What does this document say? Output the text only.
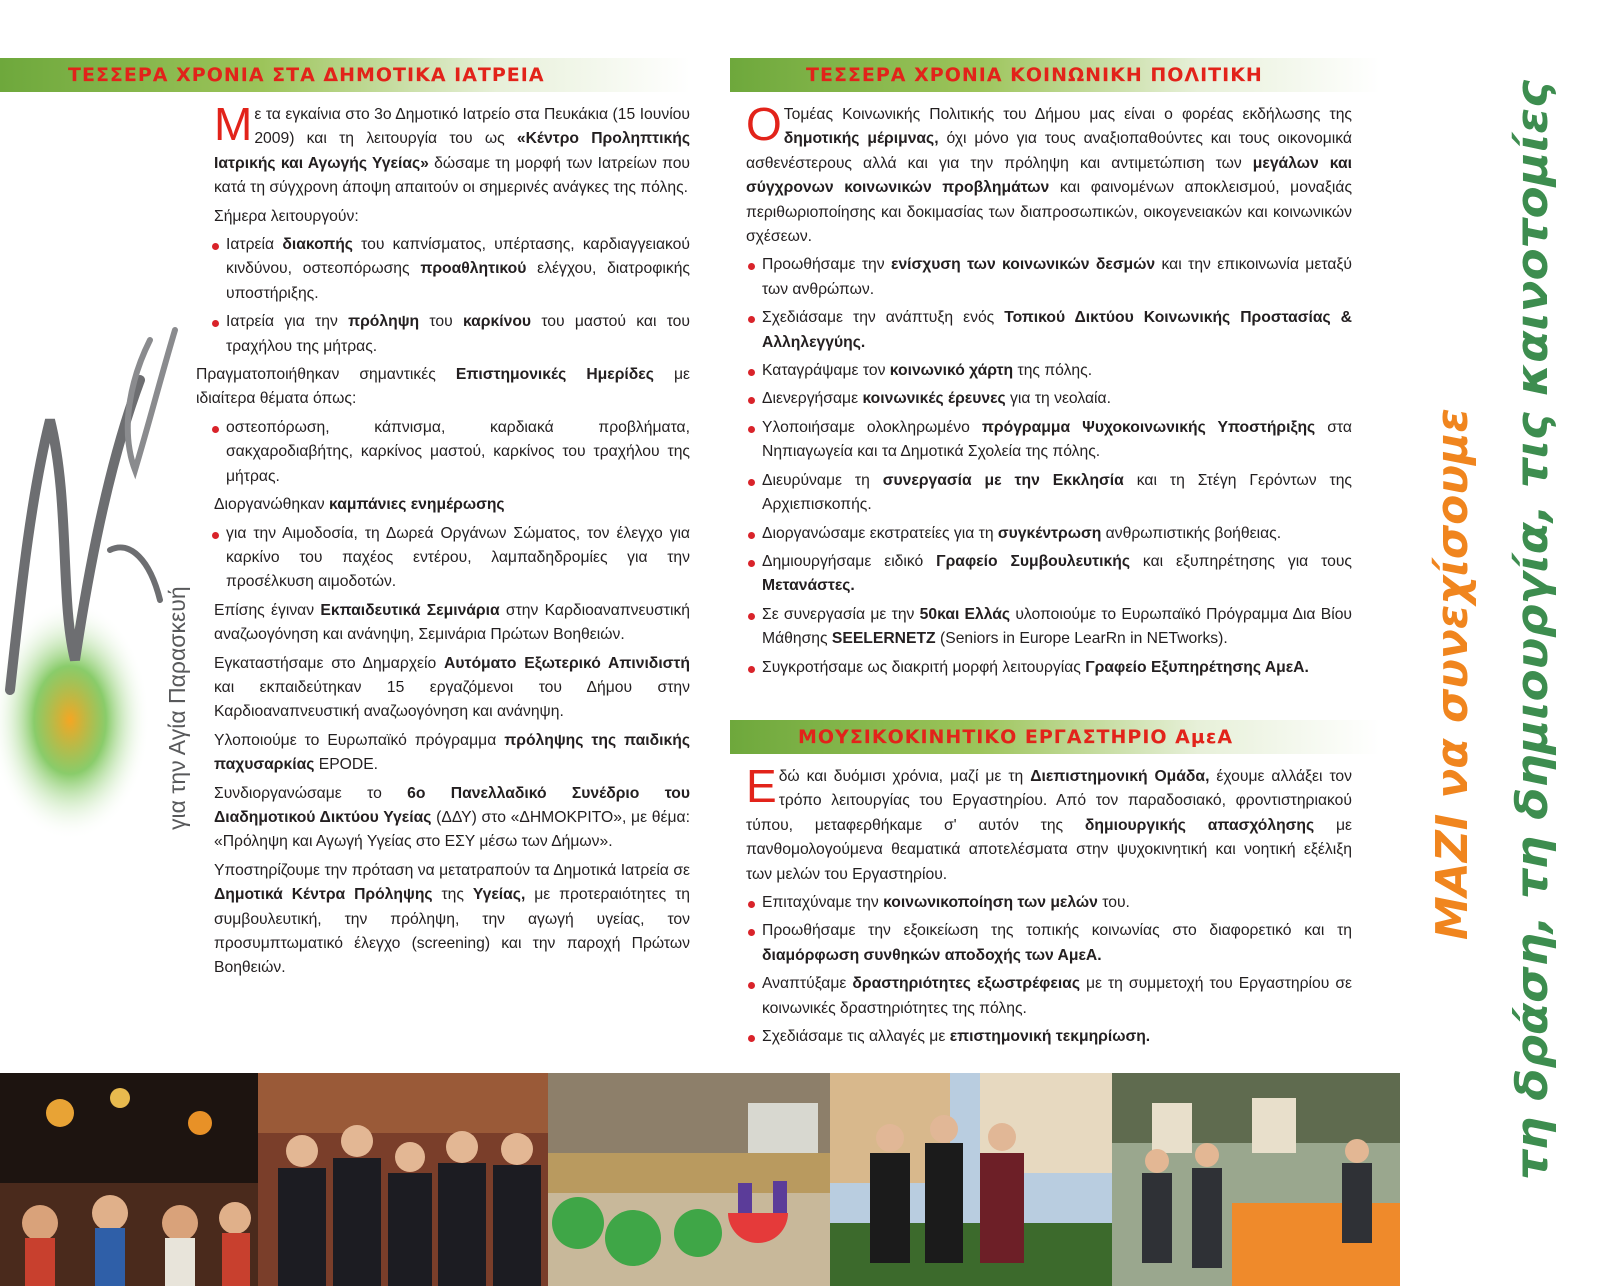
ΤΕΣΣΕΡΑ ΧΡΟΝΙΑ ΣΤΑ ΔΗΜΟΤΙΚΑ ΙΑΤΡΕΙΑ	ΤΕΣΣΕΡΑ ΧΡΟΝΙΑ ΚΟΙΝΩΝΙΚΗ ΠΟΛΙΤΙΚΗ
ΜΟΥΣΙΚΟΚΙΝΗΤΙΚΟ ΕΡΓΑΣΤΗΡΙΟ ΑμεΑ
για την Αγία Παρασκευή

Με τα εγκαίνια στο 3ο Δημοτικό Ιατρείο στα Πευκάκια (15 Ιουνίου 2009) και τη λειτουργία του ως «Κέντρο Προληπτικής Ιατρικής και Αγωγής Υγείας» δώσαμε τη μορφή των Ιατρείων που κατά τη σύγχρονη άποψη απαιτούν οι σημερινές ανάγκες της πόλης.

Σήμερα λειτουργούν:

Ιατρεία διακοπής του καπνίσματος, υπέρτασης, καρδιαγγειακού κινδύνου, οστεοπόρωσης προαθλητικού ελέγχου, διατροφικής υποστήριξης.
Ιατρεία για την πρόληψη του καρκίνου του μαστού και του τραχήλου της μήτρας.

Πραγματοποιήθηκαν σημαντικές Επιστημονικές Ημερίδες με ιδιαίτερα θέματα όπως:

οστεοπόρωση, κάπνισμα, καρδιακά προβλήματα, σακχαροδιαβήτης, καρκίνος μαστού, καρκίνος του τραχήλου της μήτρας.

Διοργανώθηκαν καμπάνιες ενημέρωσης

για την Αιμοδοσία, τη Δωρεά Οργάνων Σώματος, τον έλεγχο για καρκίνο του παχέος εντέρου, λαμπαδηδρομίες για την προσέλκυση αιμοδοτών.

Επίσης έγιναν Εκπαιδευτικά Σεμινάρια στην Καρδιοαναπνευστική αναζωογόνηση και ανάνηψη, Σεμινάρια Πρώτων Βοηθειών.

Εγκαταστήσαμε στο Δημαρχείο Αυτόματο Εξωτερικό Απινιδιστή και εκπαιδεύτηκαν 15 εργαζόμενοι του Δήμου στην Καρδιοαναπνευστική αναζωογόνηση και ανάνηψη.

Υλοποιούμε το Ευρωπαϊκό πρόγραμμα πρόληψης της παιδικής παχυσαρκίας EPODE.

Συνδιοργανώσαμε το 6ο Πανελλαδικό Συνέδριο του Διαδημοτικού Δικτύου Υγείας (ΔΔΥ) στο «ΔΗΜΟΚΡΙΤΟ», με θέμα: «Πρόληψη και Αγωγή Υγείας στο ΕΣΥ μέσω των Δήμων».

Υποστηρίζουμε την πρόταση να μετατραπούν τα Δημοτικά Ιατρεία σε Δημοτικά Κέντρα Πρόληψης της Υγείας, με προτεραιότητες τη συμβουλευτική, την πρόληψη, την αγωγή υγείας, τον προσυμπτωματικό έλεγχο (screening) και την παροχή Πρώτων Βοηθειών.

Ο Τομέας Κοινωνικής Πολιτικής του Δήμου μας είναι ο φορέας εκδήλωσης της δημοτικής μέριμνας, όχι μόνο για τους αναξιοπαθούντες και τους οικονομικά ασθενέστερους αλλά και για την πρόληψη και αντιμετώπιση των μεγάλων και σύγχρονων κοινωνικών προβλημάτων και φαινομένων αποκλεισμού, μοναξιάς περιθωριοποίησης και δοκιμασίας των διαπροσωπικών, οικογενειακών και κοινωνικών σχέσεων.

Προωθήσαμε την ενίσχυση των κοινωνικών δεσμών και την επικοινωνία μεταξύ των ανθρώπων.
Σχεδιάσαμε την ανάπτυξη ενός Τοπικού Δικτύου Κοινωνικής Προστασίας & Αλληλεγγύης.
Καταγράψαμε τον κοινωνικό χάρτη της πόλης.
Διενεργήσαμε κοινωνικές έρευνες για τη νεολαία.
Υλοποιήσαμε ολοκληρωμένο πρόγραμμα Ψυχοκοινωνικής Υποστήριξης στα Νηπιαγωγεία και τα Δημοτικά Σχολεία της πόλης.
Διευρύναμε τη συνεργασία με την Εκκλησία και τη Στέγη Γερόντων της Αρχιεπισκοπής.
Διοργανώσαμε εκστρατείες για τη συγκέντρωση ανθρωπιστικής βοήθειας.
Δημιουργήσαμε ειδικό Γραφείο Συμβουλευτικής και εξυπηρέτησης για τους Μετανάστες.
Σε συνεργασία με την 50και Ελλάς υλοποιούμε το Ευρωπαϊκό Πρόγραμμα Δια Βίου Μάθησης SEELERNETZ (Seniors in Europe LearRn in NETworks).
Συγκροτήσαμε ως διακριτή μορφή λειτουργίας Γραφείο Εξυπηρέτησης ΑμεΑ.

Εδώ και δυόμισι χρόνια, μαζί με τη Διεπιστημονική Ομάδα, έχουμε αλλάξει τον τρόπο λειτουργίας του Εργαστηρίου. Από τον παραδοσιακό, φροντιστηριακού τύπου, μεταφερθήκαμε σ' αυτόν της δημιουργικής απασχόλησης με πανθομολογούμενα θεαματικά αποτελέσματα στην ψυχοκινητική και νοητική εξέλιξη των μελών του Εργαστηρίου.

Επιταχύναμε την κοινωνικοποίηση των μελών του.
Προωθήσαμε την εξοικείωση της τοπικής κοινωνίας στο διαφορετικό και τη διαμόρφωση συνθηκών αποδοχής των ΑμεΑ.
Αναπτύξαμε δραστηριότητες εξωστρέφειας με τη συμμετοχή του Εργαστηρίου σε κοινωνικές δραστηριότητες της πόλης.
Σχεδιάσαμε τις αλλαγές με επιστημονική τεκμηρίωση.
ΜΑΖΙ να συνεχίσουμε τη δράση, τη δημιουργία, τις καινοτομίες
